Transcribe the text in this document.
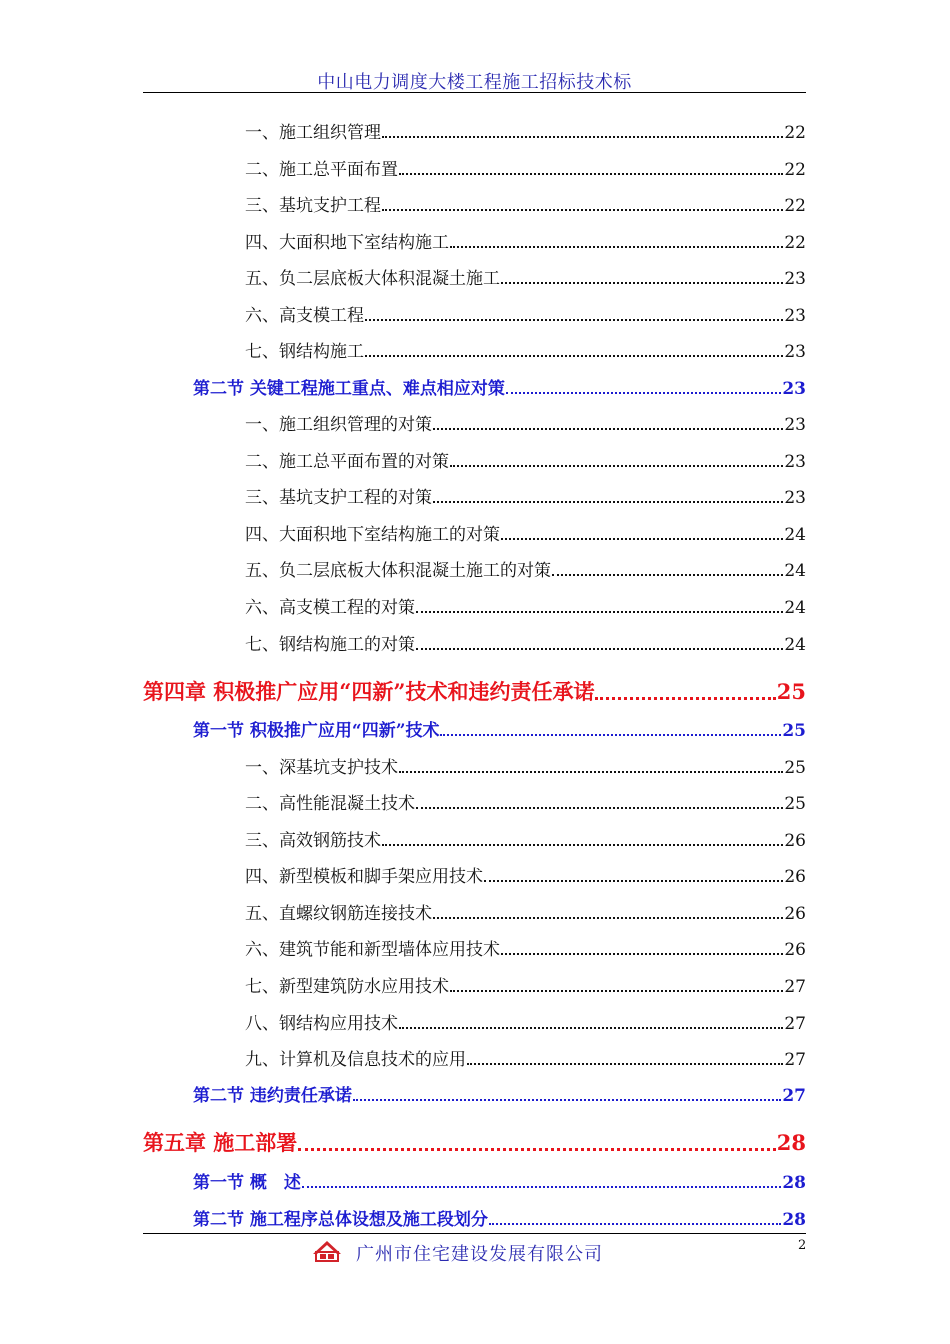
中山电力调度大楼工程施工招标技术标
一、施工组织管理	22
二、施工总平面布置	22
三、基坑支护工程	22
四、大面积地下室结构施工	22
五、负二层底板大体积混凝土施工	23
六、高支模工程	23
七、钢结构施工	23
第二节 关键工程施工重点、难点相应对策	23
一、施工组织管理的对策	23
二、施工总平面布置的对策	23
三、基坑支护工程的对策	23
四、大面积地下室结构施工的对策	24
五、负二层底板大体积混凝土施工的对策	24
六、高支模工程的对策	24
七、钢结构施工的对策	24
第四章 积极推广应用“四新”技术和违约责任承诺	25
第一节 积极推广应用“四新”技术	25
一、深基坑支护技术	25
二、高性能混凝土技术	25
三、高效钢筋技术	26
四、新型模板和脚手架应用技术	26
五、直螺纹钢筋连接技术	26
六、建筑节能和新型墙体应用技术	26
七、新型建筑防水应用技术	27
八、钢结构应用技术	27
九、计算机及信息技术的应用	27
第二节 违约责任承诺	27
第五章 施工部署	28
第一节 概　述	28
第二节 施工程序总体设想及施工段划分	28
广州市住宅建设发展有限公司	2
